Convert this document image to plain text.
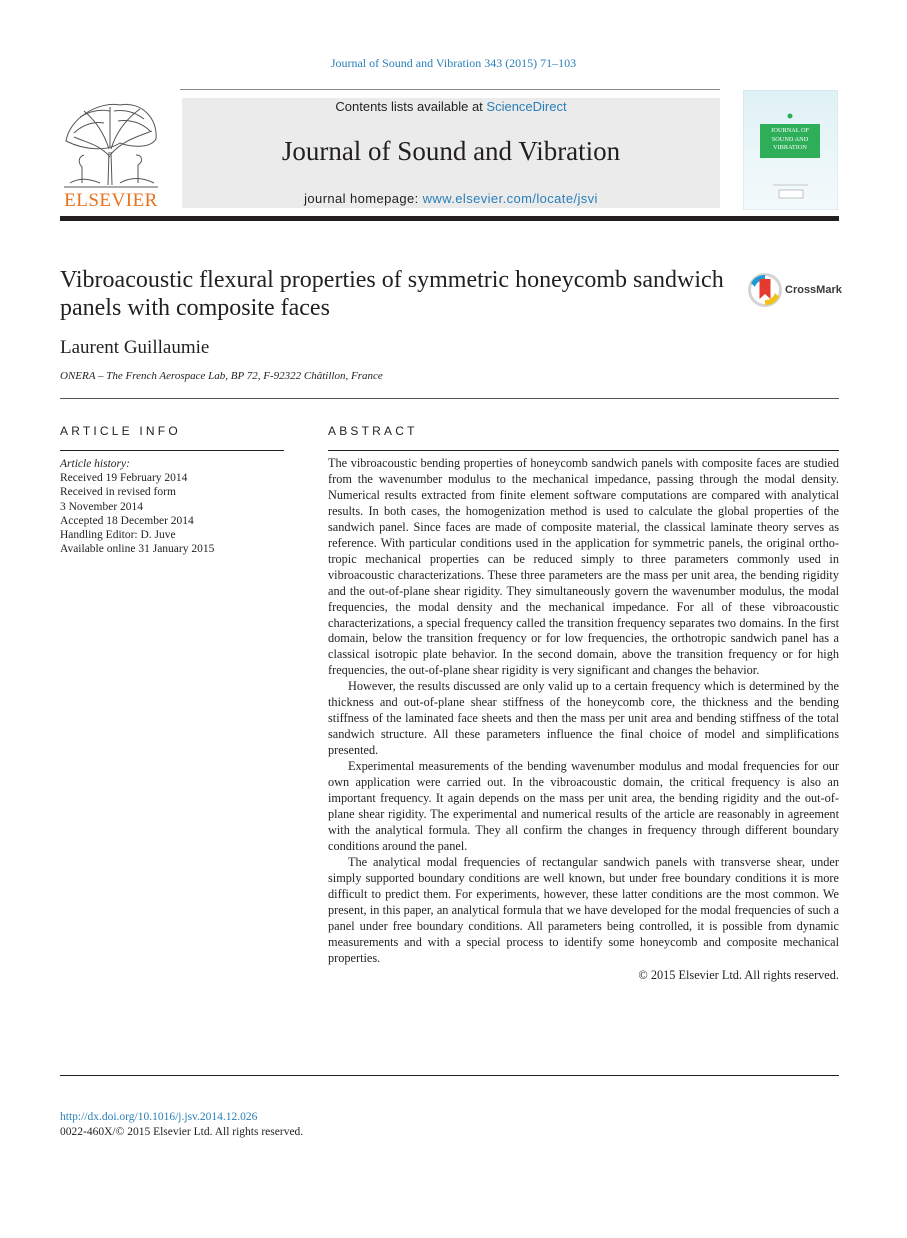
Journal of Sound and Vibration 343 (2015) 71–103
ELSEVIER
Contents lists available at ScienceDirect
Journal of Sound and Vibration
journal homepage: www.elsevier.com/locate/jsvi
JOURNAL OF SOUND AND VIBRATION
Vibroacoustic flexural properties of symmetric honeycomb sandwich panels with composite faces
CrossMark
Laurent Guillaumie
ONERA – The French Aerospace Lab, BP 72, F-92322 Châtillon, France
ARTICLE INFO	ABSTRACT
Article history:
Received 19 February 2014
Received in revised form
3 November 2014
Accepted 18 December 2014
Handling Editor: D. Juve
Available online 31 January 2015

The vibroacoustic bending properties of honeycomb sandwich panels with composite faces are studied from the wavenumber modulus to the mechanical impedance, passing through the modal density. Numerical results extracted from finite element software computations are compared with analytical results. In both cases, the homogenization method is used to calculate the global properties of the sandwich panel. Since faces are made of composite material, the classical laminate theory serves as reference. With particular conditions used in the application for symmetric panels, the original ortho-tropic mechanical properties can be reduced simply to three parameters commonly used in vibroacoustic characterizations. These three parameters are the mass per unit area, the bending rigidity and the out-of-plane shear rigidity. They simultaneously govern the wavenumber modulus, the modal frequencies, the modal density and the mechanical impedance. For all of these vibroacoustic characterizations, a special frequency called the transition frequency separates two domains. In the first domain, below the transition frequency or for low frequencies, the orthotropic sandwich panel has a classical isotropic plate behavior. In the second domain, above the transition frequency or for high frequencies, the out-of-plane shear rigidity is very significant and changes the behavior.

However, the results discussed are only valid up to a certain frequency which is determined by the thickness and out-of-plane shear stiffness of the honeycomb core, the thickness and the bending stiffness of the laminated face sheets and then the mass per unit area and bending stiffness of the total sandwich structure. All these parameters influence the final choice of model and simplifications presented.

Experimental measurements of the bending wavenumber modulus and modal frequencies for our own application were carried out. In the vibroacoustic domain, the critical frequency is also an important frequency. It again depends on the mass per unit area, the bending rigidity and the out-of-plane shear rigidity. The experimental and numerical results of the article are reasonably in agreement with the analytical formula. They all confirm the changes in frequency through different boundary conditions around the panel.

The analytical modal frequencies of rectangular sandwich panels with transverse shear, under simply supported boundary conditions are well known, but under free boundary conditions it is more difficult to predict them. For experiments, however, these latter conditions are the most common. We present, in this paper, an analytical formula that we have developed for the modal frequencies of such a panel under free boundary conditions. All parameters being controlled, it is possible from dynamic measurements and with a special process to identify some honeycomb and composite mechanical properties.

© 2015 Elsevier Ltd. All rights reserved.
http://dx.doi.org/10.1016/j.jsv.2014.12.026
0022-460X/© 2015 Elsevier Ltd. All rights reserved.
